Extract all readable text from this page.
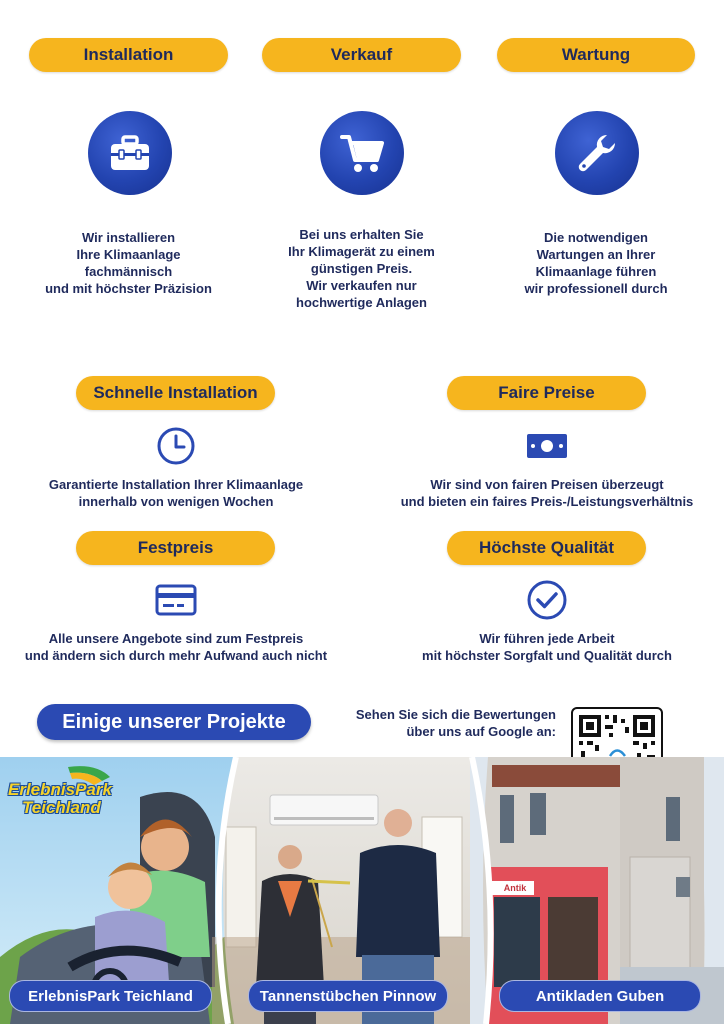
Installation	Verkauf	Wartung
Wir installieren
Ihre Klimaanlage
fachmännisch
und mit höchster Präzision
Bei uns erhalten Sie
Ihr Klimagerät zu einem
günstigen Preis.
Wir verkaufen nur
hochwertige Anlagen
Die notwendigen
Wartungen an Ihrer
Klimaanlage führen
wir professionell durch
Schnelle Installation	Faire Preise
Garantierte Installation Ihrer Klimaanlage
innerhalb von wenigen Wochen
Wir sind von fairen Preisen überzeugt
und bieten ein faires Preis-/Leistungsverhältnis
Festpreis	Höchste Qualität
Alle unsere Angebote sind zum Festpreis
und ändern sich durch mehr Aufwand auch nicht
Wir führen jede Arbeit
mit höchster Sorgfalt und Qualität durch
Einige unserer Projekte	Sehen Sie sich die Bewertungen
über uns auf Google an:
ErlebnisPark
Teichland
Antik
ErlebnisPark Teichland	Tannenstübchen Pinnow	Antikladen Guben
